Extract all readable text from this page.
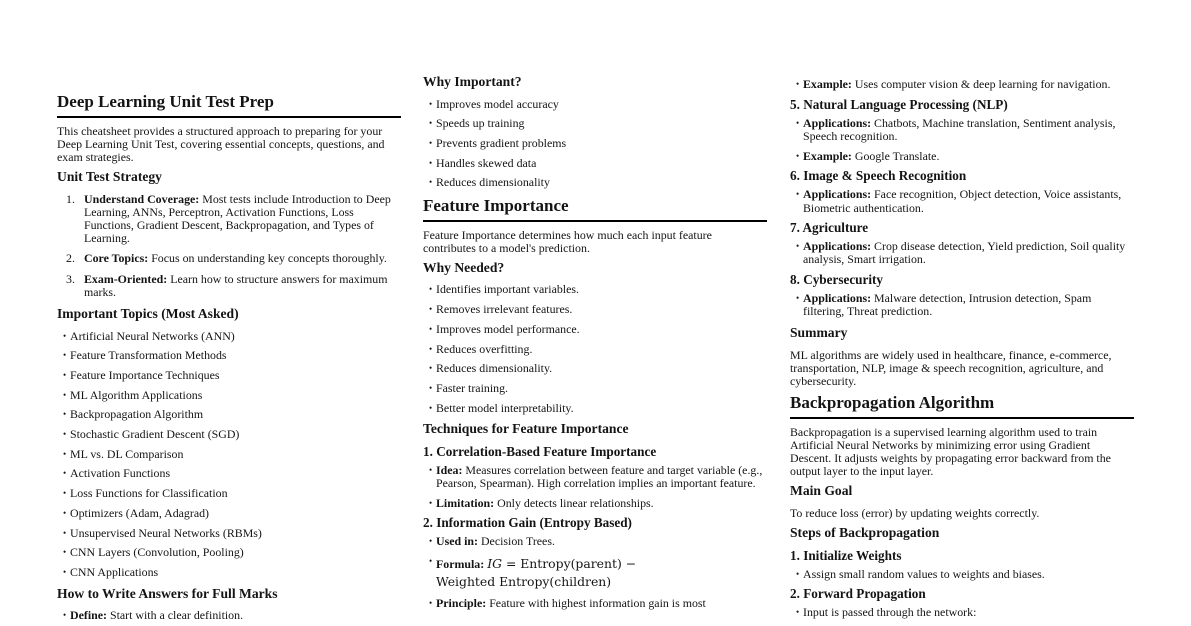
Deep Learning Unit Test Prep
This cheatsheet provides a structured approach to preparing for your Deep Learning Unit Test, covering essential concepts, questions, and exam strategies.
Unit Test Strategy
1. Understand Coverage: Most tests include Introduction to Deep Learning, ANNs, Perceptron, Activation Functions, Loss Functions, Gradient Descent, Backpropagation, and Types of Learning.
2. Core Topics: Focus on understanding key concepts thoroughly.
3. Exam-Oriented: Learn how to structure answers for maximum marks.
Important Topics (Most Asked)
• Artificial Neural Networks (ANN)
• Feature Transformation Methods
• Feature Importance Techniques
• ML Algorithm Applications
• Backpropagation Algorithm
• Stochastic Gradient Descent (SGD)
• ML vs. DL Comparison
• Activation Functions
• Loss Functions for Classification
• Optimizers (Adam, Adagrad)
• Unsupervised Neural Networks (RBMs)
• CNN Layers (Convolution, Pooling)
• CNN Applications
How to Write Answers for Full Marks
• Define: Start with a clear definition.
Why Important?
• Improves model accuracy
• Speeds up training
• Prevents gradient problems
• Handles skewed data
• Reduces dimensionality
Feature Importance
Feature Importance determines how much each input feature contributes to a model's prediction.
Why Needed?
• Identifies important variables.
• Removes irrelevant features.
• Improves model performance.
• Reduces overfitting.
• Reduces dimensionality.
• Faster training.
• Better model interpretability.
Techniques for Feature Importance
1. Correlation-Based Feature Importance
• Idea: Measures correlation between feature and target variable (e.g., Pearson, Spearman). High correlation implies an important feature.
• Limitation: Only detects linear relationships.
2. Information Gain (Entropy Based)
• Used in: Decision Trees.
• Formula: IG = Entropy(parent) −
Weighted Entropy(children)
• Principle: Feature with highest information gain is most
• Example: Uses computer vision & deep learning for navigation.
5. Natural Language Processing (NLP)
• Applications: Chatbots, Machine translation, Sentiment analysis, Speech recognition.
• Example: Google Translate.
6. Image & Speech Recognition
• Applications: Face recognition, Object detection, Voice assistants, Biometric authentication.
7. Agriculture
• Applications: Crop disease detection, Yield prediction, Soil quality analysis, Smart irrigation.
8. Cybersecurity
• Applications: Malware detection, Intrusion detection, Spam filtering, Threat prediction.
Summary
ML algorithms are widely used in healthcare, finance, e-commerce, transportation, NLP, image & speech recognition, agriculture, and cybersecurity.
Backpropagation Algorithm
Backpropagation is a supervised learning algorithm used to train Artificial Neural Networks by minimizing error using Gradient Descent. It adjusts weights by propagating error backward from the output layer to the input layer.
Main Goal
To reduce loss (error) by updating weights correctly.
Steps of Backpropagation
1. Initialize Weights
• Assign small random values to weights and biases.
2. Forward Propagation
• Input is passed through the network:
